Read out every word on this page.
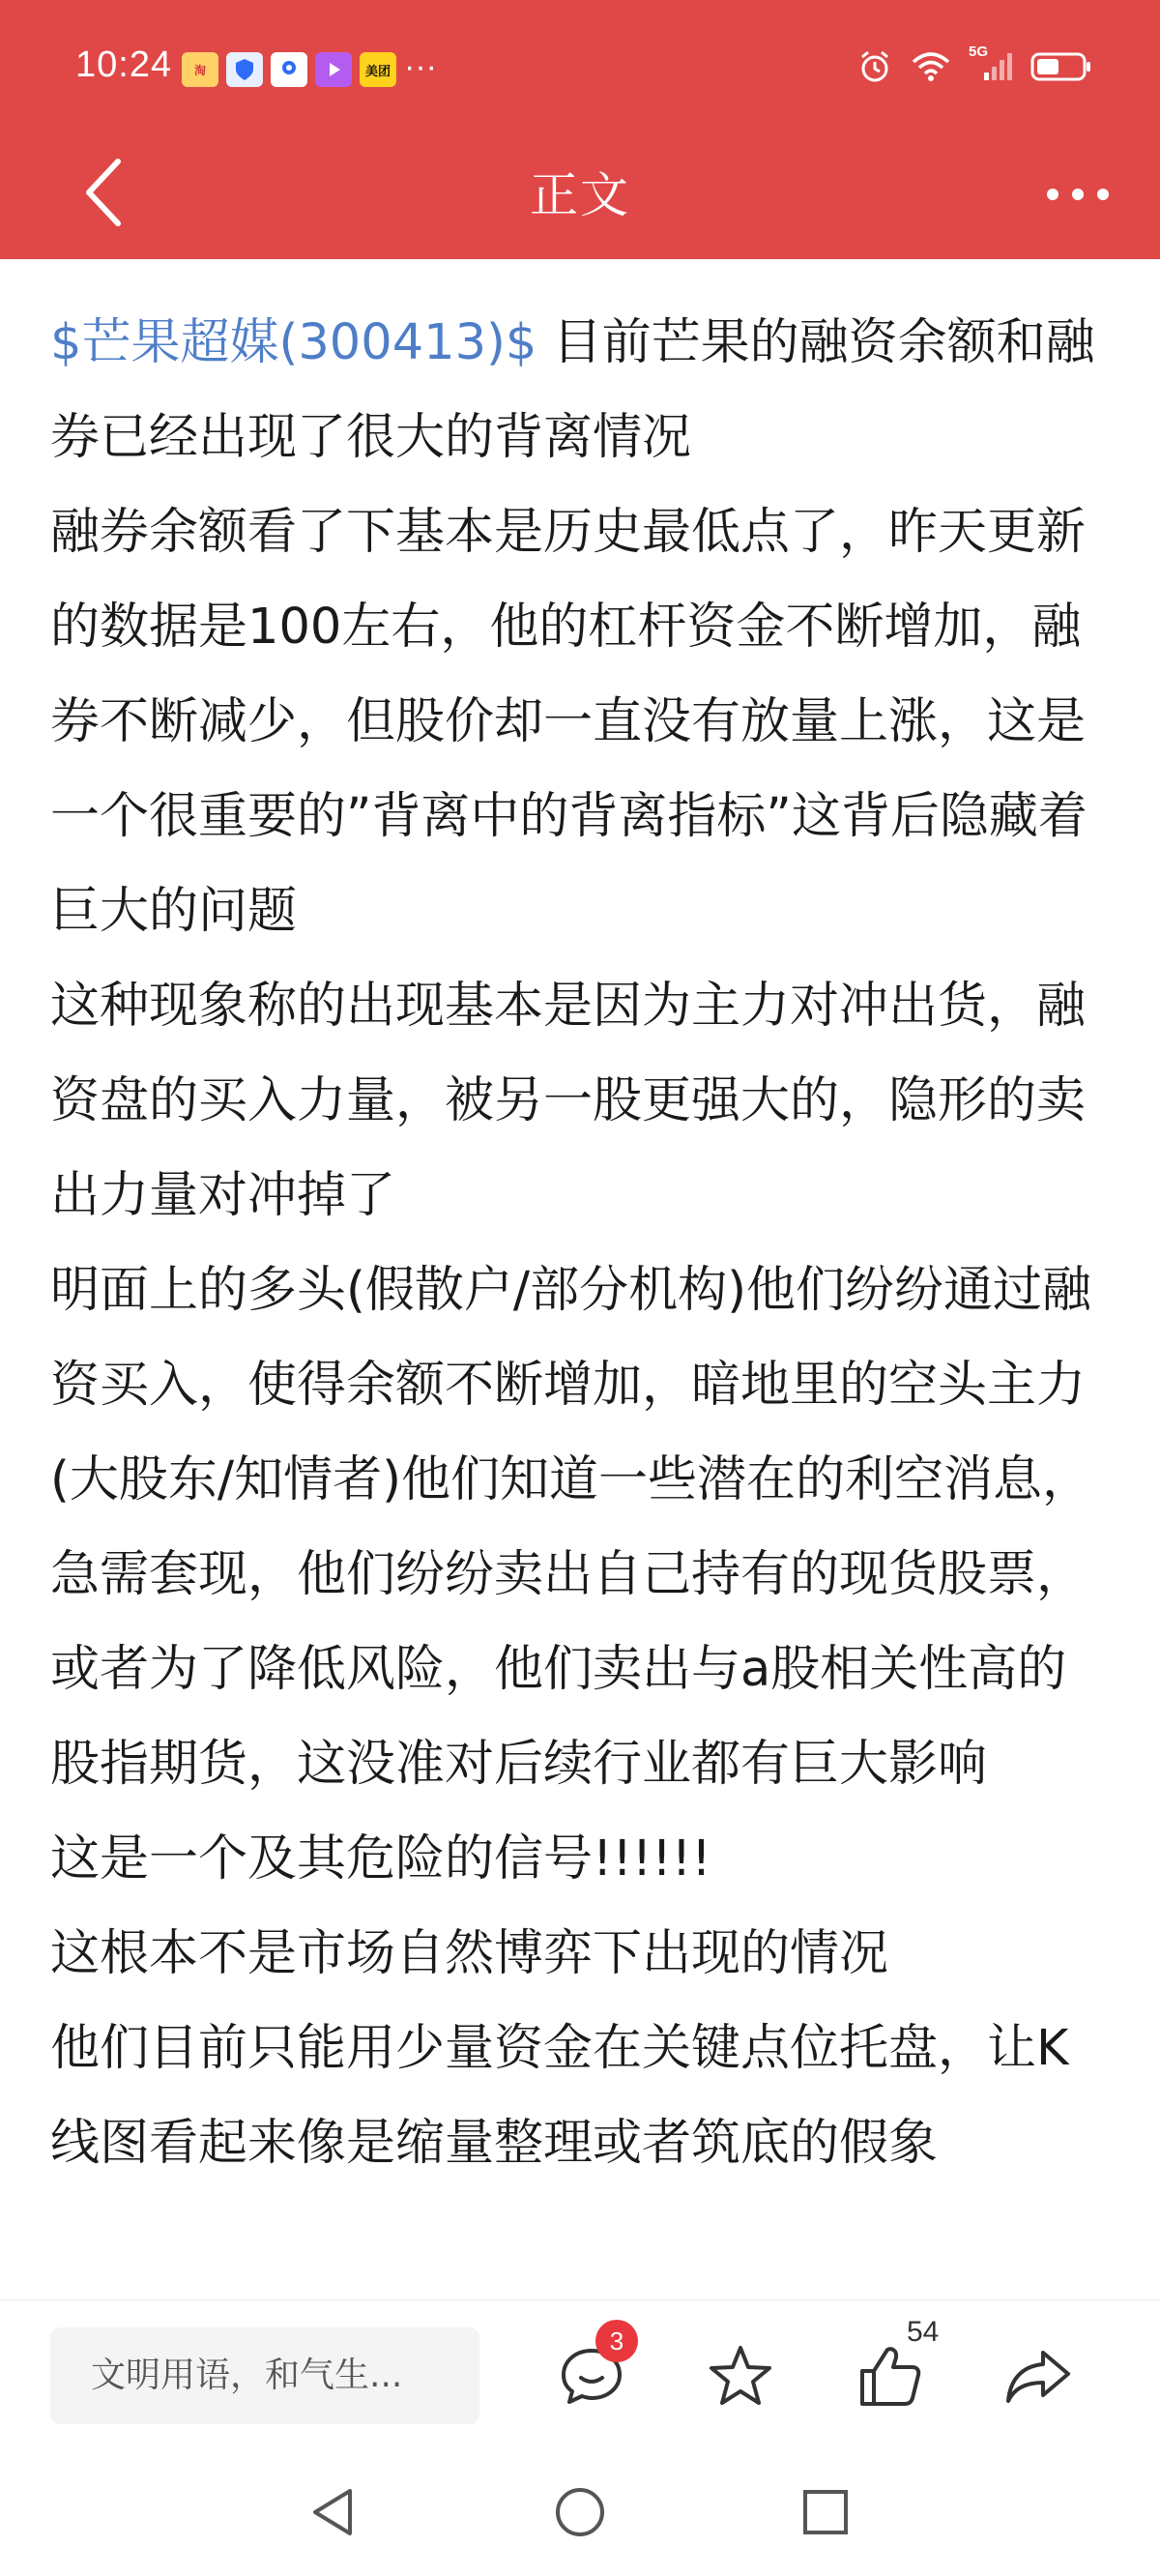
10:24	淘	美团 ···	5G
正文

$芒果超媒(300413)$ 目前芒果的融资余额和融券已经出现了很大的背离情况

融券余额看了下基本是历史最低点了，昨天更新的数据是100左右，他的杠杆资金不断增加，融券不断减少，但股价却一直没有放量上涨，这是一个很重要的”背离中的背离指标”这背后隐藏着巨大的问题

这种现象称的出现基本是因为主力对冲出货，融资盘的买入力量，被另一股更强大的，隐形的卖出力量对冲掉了

明面上的多头(假散户/部分机构)他们纷纷通过融资买入，使得余额不断增加，暗地里的空头主力(大股东/知情者)他们知道一些潜在的利空消息，急需套现，他们纷纷卖出自己持有的现货股票，或者为了降低风险，他们卖出与a股相关性高的股指期货，这没准对后续行业都有巨大影响

这是一个及其危险的信号!!!!!!

这根本不是市场自然博弈下出现的情况

他们目前只能用少量资金在关键点位托盘，让K线图看起来像是缩量整理或者筑底的假象

文明用语，和气生...
3	54
